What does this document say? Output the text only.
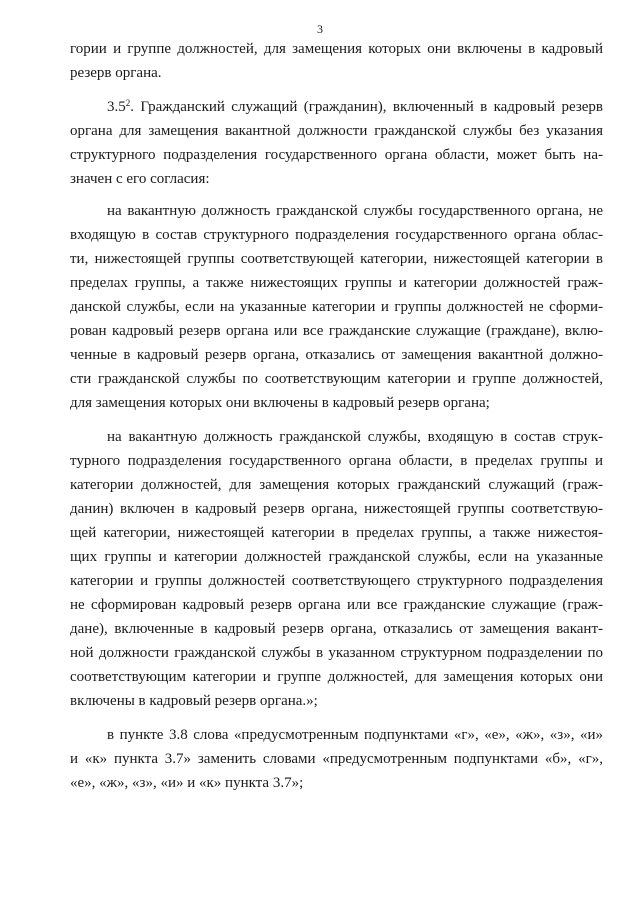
3
гории и группе должностей, для замещения которых они включены в кадровый
резерв органа.
3.5 2 . Гражданский служащий (гражданин), включенный в кадровый резерв
органа для замещения вакантной должности гражданской службы без указания
структурного подразделения государственного органа области, может быть на-
значен с его согласия:
на вакантную должность гражданской службы государственного органа, не
входящую в состав структурного подразделения государственного органа облас-
ти, нижестоящей группы соответствующей категории, нижестоящей категории в
пределах группы, а также нижестоящих группы и категории должностей граж-
данской службы, если на указанные категории и группы должностей не сформи-
рован кадровый резерв органа или все гражданские служащие (граждане), вклю-
ченные в кадровый резерв органа, отказались от замещения вакантной должно-
сти гражданской службы по соответствующим категории и группе должностей,
для замещения которых они включены в кадровый резерв органа;
на вакантную должность гражданской службы, входящую в состав струк-
турного подразделения государственного органа области, в пределах группы и
категории должностей, для замещения которых гражданский служащий (граж-
данин) включен в кадровый резерв органа, нижестоящей группы соответствую-
щей категории, нижестоящей категории в пределах группы, а также нижестоя-
щих группы и категории должностей гражданской службы, если на указанные
категории и группы должностей соответствующего структурного подразделения
не сформирован кадровый резерв органа или все гражданские служащие (граж-
дане), включенные в кадровый резерв органа, отказались от замещения вакант-
ной должности гражданской службы в указанном структурном подразделении по
соответствующим категории и группе должностей, для замещения которых они
включены в кадровый резерв органа.»;
в пункте 3.8 слова «предусмотренным подпунктами «г», «е», «ж», «з», «и»
и «к» пункта 3.7» заменить словами «предусмотренным подпунктами «б», «г»,
«е», «ж», «з», «и» и «к» пункта 3.7»;
